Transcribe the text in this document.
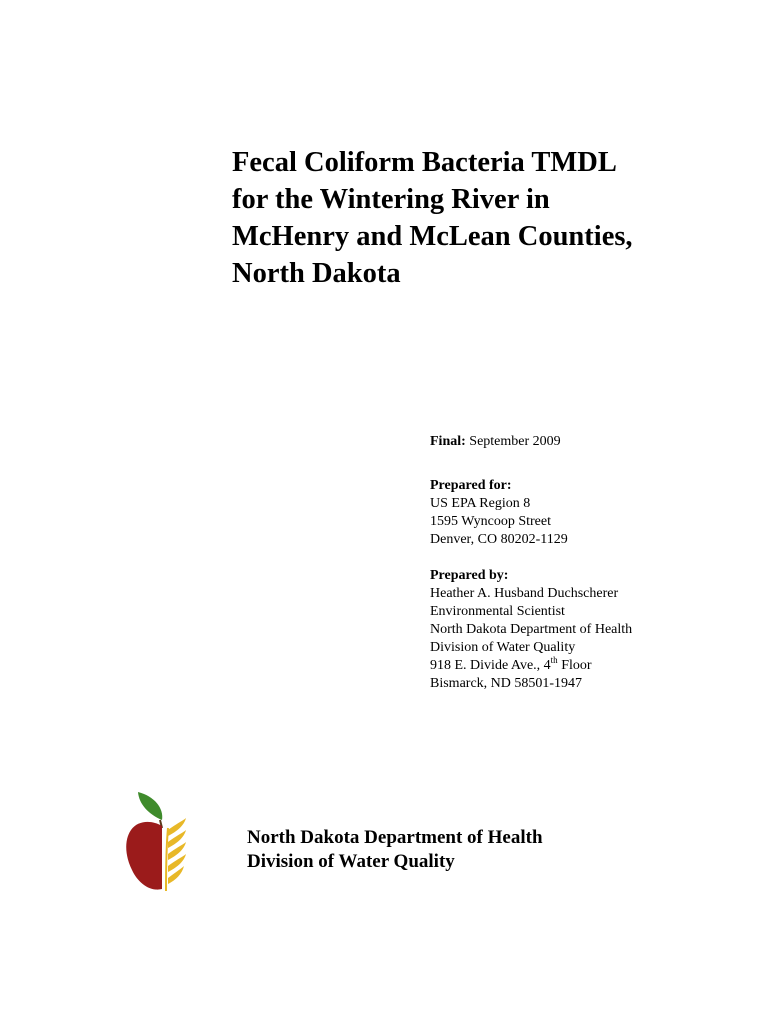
Fecal Coliform Bacteria TMDL
for the Wintering River in
McHenry and McLean Counties,
North Dakota
Final: September 2009
Prepared for:
US EPA Region 8
1595 Wyncoop Street
Denver, CO 80202-1129
Prepared by:
Heather A. Husband Duchscherer
Environmental Scientist
North Dakota Department of Health
Division of Water Quality
918 E. Divide Ave., 4th Floor
Bismarck, ND 58501-1947
North Dakota Department of Health
Division of Water Quality
